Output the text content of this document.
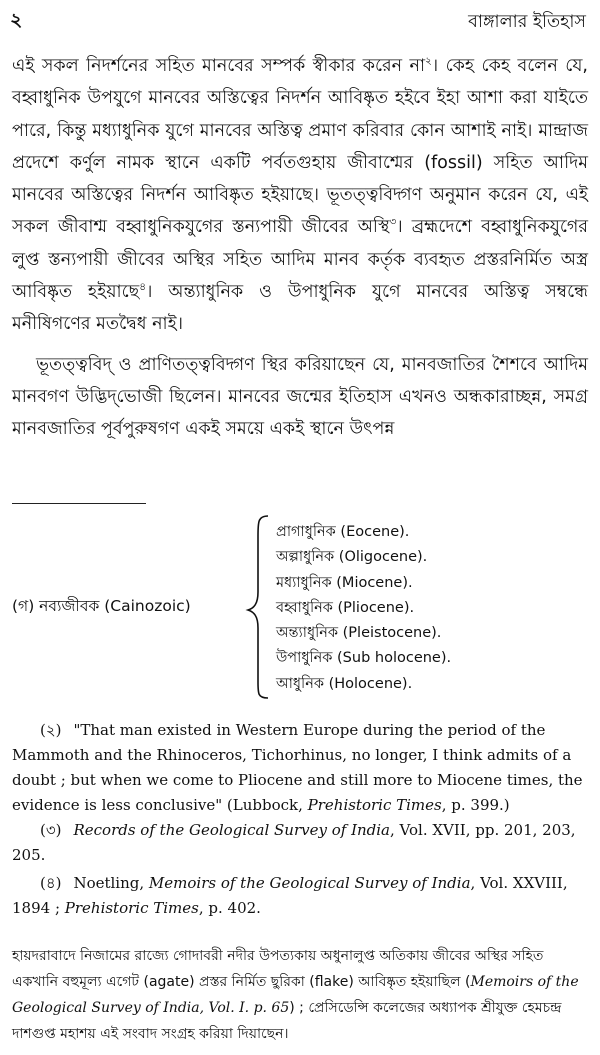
২	বাঙ্গালার ইতিহাস

এই সকল নিদর্শনের সহিত মানবের সম্পর্ক স্বীকার করেন না$^২$। কেহ কেহ বলেন যে, বহ্বাধুনিক উপযুগে মানবের অস্তিত্বের নিদর্শন আবিষ্কৃত হইবে ইহা আশা করা যাইতে পারে, কিন্তু মধ্যাধুনিক যুগে মানবের অস্তিত্ব প্রমাণ করিবার কোন আশাই নাই। মান্দ্রাজ প্রদেশে কর্ণুল নামক স্থানে একটি পর্বতগুহায় জীবাশ্মের (fossil) সহিত আদিম মানবের অস্তিত্বের নিদর্শন আবিষ্কৃত হইয়াছে। ভূতত্ত্ববিদ্গণ অনুমান করেন যে, এই সকল জীবাশ্ম বহ্বাধুনিকযুগের স্তন্যপায়ী জীবের অস্থি$^৩$। ব্রহ্মদেশে বহ্বাধুনিকযুগের লুপ্ত স্তন্যপায়ী জীবের অস্থির সহিত আদিম মানব কর্তৃক ব্যবহৃত প্রস্তরনির্মিত অস্ত্র আবিষ্কৃত হইয়াছে$^৪$। অন্ত্যাধুনিক ও উপাধুনিক যুগে মানবের অস্তিত্ব সম্বন্ধে মনীষিগণের মতদ্বৈধ নাই।

ভূতত্ত্ববিদ্ ও প্রাণিতত্ত্ববিদ্গণ স্থির করিয়াছেন যে, মানবজাতির শৈশবে আদিম মানবগণ উদ্ভিদ্‌ভোজী ছিলেন। মানবের জন্মের ইতিহাস এখনও অন্ধকারাচ্ছন্ন, সমগ্র মানবজাতির পূর্বপুরুষগণ একই সময়ে একই স্থানে উৎপন্ন

(গ) নব্যজীবক (Cainozoic)
প্রাগাধুনিক (Eocene).
অল্পাধুনিক (Oligocene).
মধ্যাধুনিক (Miocene).
বহ্বাধুনিক (Pliocene).
অন্ত্যাধুনিক (Pleistocene).
উপাধুনিক (Sub holocene).
আধুনিক (Holocene).

(২) "That man existed in Western Europe during the period of the Mammoth and the Rhinoceros, Tichorhinus, no longer, I think admits of a doubt ; but when we come to Pliocene and still more to Miocene times, the evidence is less conclusive" (Lubbock, Prehistoric Times, p. 399.)

(৩) Records of the Geological Survey of India, Vol. XVII, pp. 201, 203, 205.

(৪) Noetling, Memoirs of the Geological Survey of India, Vol. XXVIII, 1894 ; Prehistoric Times, p. 402.

হায়দরাবাদে নিজামের রাজ্যে গোদাবরী নদীর উপত্যকায় অধুনালুপ্ত অতিকায় জীবের অস্থির সহিত একখানি বহুমূল্য এগেট (agate) প্রস্তর নির্মিত ছুরিকা (flake) আবিষ্কৃত হইয়াছিল (Memoirs of the Geological Survey of India, Vol. I. p. 65) ; প্রেসিডেন্সি কলেজের অধ্যাপক শ্রীযুক্ত হেমচন্দ্র দাশগুপ্ত মহাশয় এই সংবাদ সংগ্রহ করিয়া দিয়াছেন।
